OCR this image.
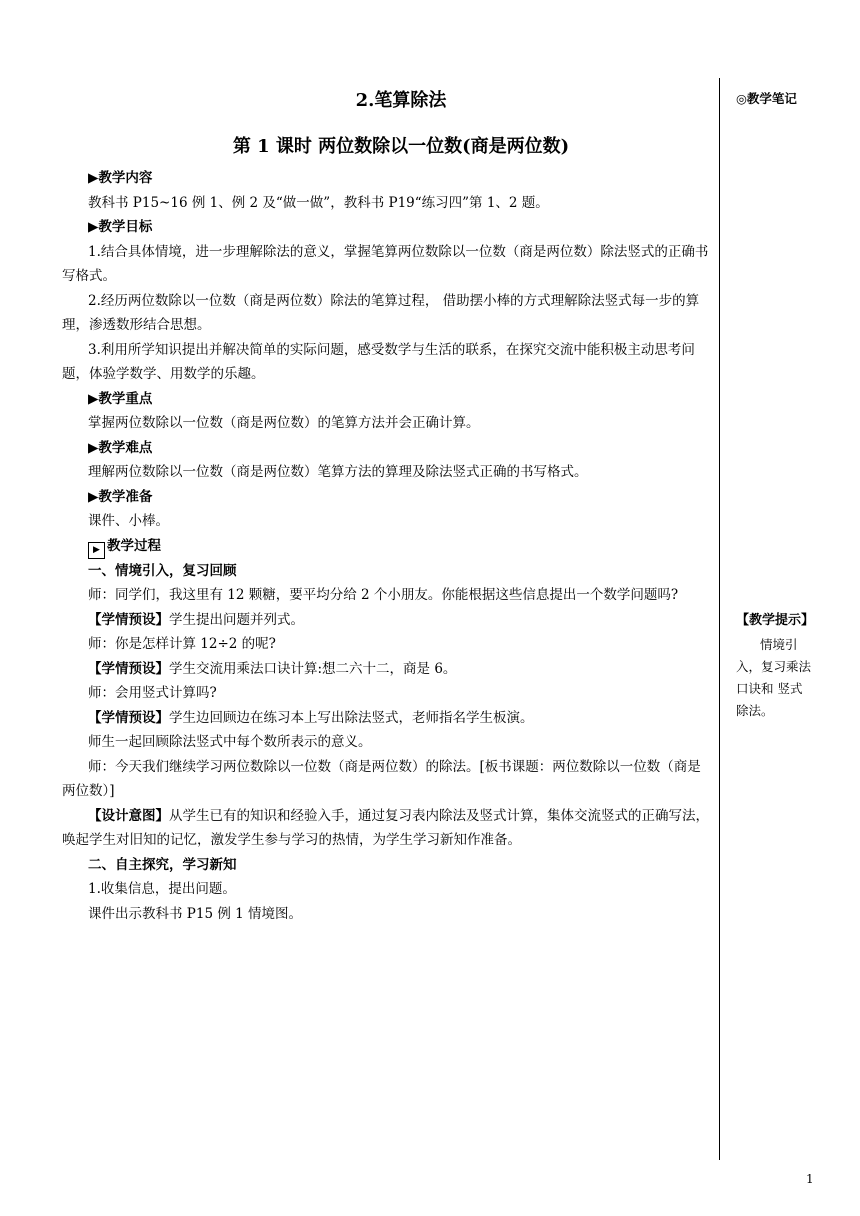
2.笔算除法
第 1 课时 两位数除以一位数(商是两位数)

▶教学内容

教科书 P15~16 例 1、例 2 及“做一做”，教科书 P19“练习四”第 1、2 题。

▶教学目标

1.结合具体情境，进一步理解除法的意义，掌握笔算两位数除以一位数（商是两位数）除法竖式的正确书写格式。

2.经历两位数除以一位数（商是两位数）除法的笔算过程， 借助摆小棒的方式理解除法竖式每一步的算理，渗透数形结合思想。

3.利用所学知识提出并解决简单的实际问题，感受数学与生活的联系，在探究交流中能积极主动思考问题，体验学数学、用数学的乐趣。

▶教学重点

掌握两位数除以一位数（商是两位数）的笔算方法并会正确计算。

▶教学难点

理解两位数除以一位数（商是两位数）笔算方法的算理及除法竖式正确的书写格式。

▶教学准备

课件、小棒。

▶ 教学过程

一、情境引入，复习回顾

师：同学们，我这里有 12 颗糖，要平均分给 2 个小朋友。你能根据这些信息提出一个数学问题吗?

【学情预设】学生提出问题并列式。

师：你是怎样计算 12÷2 的呢?

【学情预设】学生交流用乘法口诀计算:想二六十二，商是 6。

师：会用竖式计算吗?

【学情预设】学生边回顾边在练习本上写出除法竖式，老师指名学生板演。

师生一起回顾除法竖式中每个数所表示的意义。

师：今天我们继续学习两位数除以一位数（商是两位数）的除法。[板书课题：两位数除以一位数（商是两位数）]

【设计意图】从学生已有的知识和经验入手，通过复习表内除法及竖式计算，集体交流竖式的正确写法，唤起学生对旧知的记忆，激发学生参与学习的热情，为学生学习新知作准备。

二、自主探究，学习新知

1.收集信息，提出问题。

课件出示教科书 P15 例 1 情境图。

◎教学笔记
【教学提示】
情境引入，复习乘法口诀和 竖式除法。
1
